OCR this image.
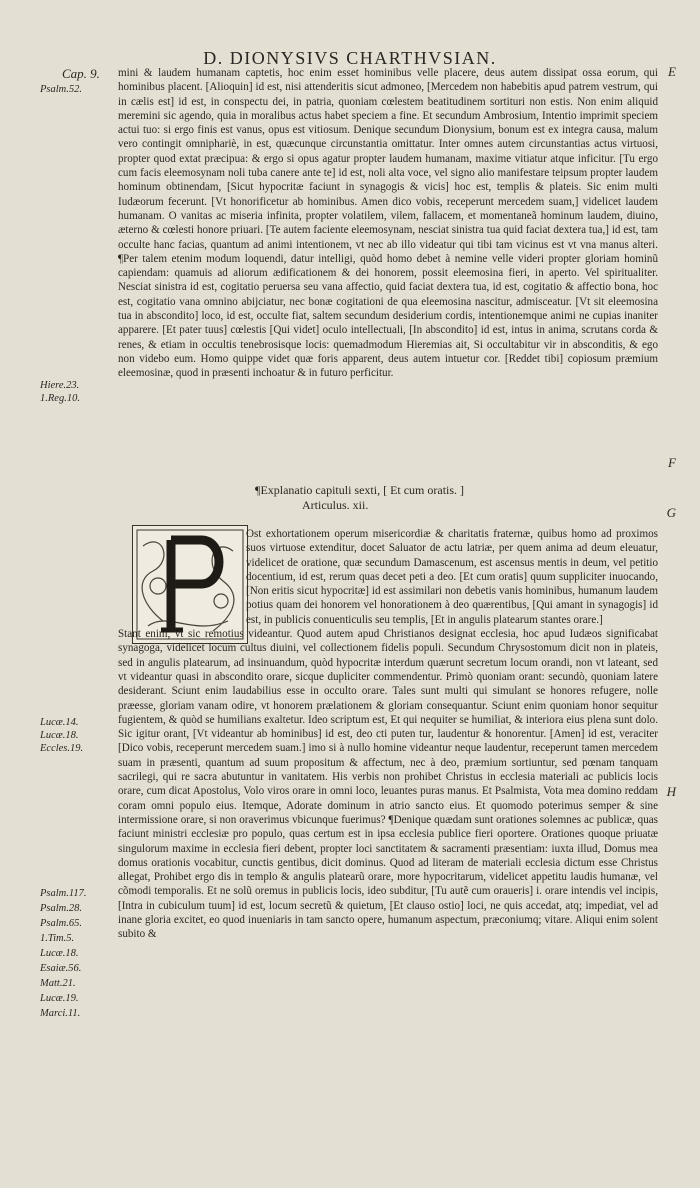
D. DIONYSIVS CHARTHVSIAN.
Cap. 9.	E
F
G
H
Psalm.52.
Hiere.23.
1.Reg.10.
Lucæ.14.
Lucæ.18.
Eccles.19.
Psalm.117.
Psalm.28.
Psalm.65.
1.Tim.5.
Lucæ.18.
Esaiæ.56.
Matt.21.
Lucæ.19.
Marci.11.
mini & laudem humanam captetis, hoc enim esset hominibus velle placere, deus autem dissipat ossa eorum, qui hominibus placent. [Alioquin] id est, nisi attenderitis sicut admoneo, [Mercedem non habebitis apud patrem vestrum, qui in cælis est] id est, in conspectu dei, in patria, quoniam cœlestem beatitudinem sortituri non estis. Non enim aliquid meremini sic agendo, quia in moralibus actus habet speciem a fine. Et secundum Ambrosium, Intentio imprimit speciem actui tuo: si ergo finis est vanus, opus est vitiosum. Denique secundum Dionysium, bonum est ex integra causa, malum vero contingit omniphariè, in est, quæcunque circunstantia omittatur. Inter omnes autem circunstantias actus virtuosi, propter quod extat præcipua: & ergo si opus agatur propter laudem humanam, maxime vitiatur atque inficitur. [Tu ergo cum facis eleemosynam noli tuba canere ante te] id est, noli alta voce, vel signo alio manifestare teipsum propter laudem hominum obtinendam, [Sicut hypocritæ faciunt in synagogis & vicis] hoc est, templis & plateis. Sic enim multi Iudæorum fecerunt. [Vt honorificetur ab hominibus. Amen dico vobis, receperunt mercedem suam,] videlicet laudem humanam. O vanitas ac miseria infinita, propter volatilem, vilem, fallacem, et momentaneã hominum laudem, diuino, æterno & cœlesti honore priuari. [Te autem faciente eleemosynam, nesciat sinistra tua quid faciat dextera tua,] id est, tam occulte hanc facias, quantum ad animi intentionem, vt nec ab illo videatur qui tibi tam vicinus est vt vna manus alteri. ¶Per talem etenim modum loquendi, datur intelligi, quòd homo debet à nemine velle videri propter gloriam hominũ capiendam: quamuis ad aliorum ædificationem & dei honorem, possit eleemosina fieri, in aperto. Vel spiritualiter. Nesciat sinistra id est, cogitatio peruersa seu vana affectio, quid faciat dextera tua, id est, cogitatio & affectio bona, hoc est, cogitatio vana omnino abijciatur, nec bonæ cogitationi de qua eleemosina nascitur, admisceatur. [Vt sit eleemosina tua in abscondito] loco, id est, occulte fiat, saltem secundum desiderium cordis, intentionemque animi ne cupias inaniter apparere. [Et pater tuus] cœlestis [Qui videt] oculo intellectuali, [In abscondito] id est, intus in anima, scrutans corda & renes, & etiam in occultis tenebrosisque locis: quemadmodum Hieremias ait, Si occultabitur vir in absconditis, & ego non videbo eum. Homo quippe videt quæ foris apparent, deus autem intuetur cor. [Reddet tibi] copiosum præmium eleemosinæ, quod in præsenti inchoatur & in futuro perficitur.
¶Explanatio capituli sexti, [ Et cum oratis. ]
Articulus. xii.
Ost exhortationem operum misericordiæ & charitatis fraternæ, quibus homo ad proximos suos virtuose extenditur, docet Saluator de actu latriæ, per quem anima ad deum eleuatur, videlicet de oratione, quæ secundum Damascenum, est ascensus mentis in deum, vel petitio docentium, id est, rerum quas decet peti a deo. [Et cum oratis] quum suppliciter inuocando, [Non eritis sicut hypocritæ] id est assimilari non debetis vanis hominibus, humanum laudem potius quam dei honorem vel honorationem à deo quærentibus, [Qui amant in synagogis] id est, in publicis conuenticulis seu templis, [Et in angulis platearum stantes orare.]
Stant enim, vt sic remotius videantur. Quod autem apud Christianos designat ecclesia, hoc apud Iudæos significabat synagoga, videlicet locum cultus diuini, vel collectionem fidelis populi. Secundum Chrysostomum dicit non in plateis, sed in angulis platearum, ad insinuandum, quòd hypocritæ interdum quærunt secretum locum orandi, non vt lateant, sed vt videantur quasi in abscondito orare, sicque dupliciter commendentur. Primò quoniam orant: secundò, quoniam latere desiderant. Sciunt enim laudabilius esse in occulto orare. Tales sunt multi qui simulant se honores refugere, nolle præesse, gloriam vanam odire, vt honorem prælationem & gloriam consequantur. Sciunt enim quoniam honor sequitur fugientem, & quòd se humilians exaltetur. Ideo scriptum est, Et qui nequiter se humiliat, & interiora eius plena sunt dolo. Sic igitur orant, [Vt videantur ab hominibus] id est, deo cti puten tur, laudentur & honorentur. [Amen] id est, veraciter [Dico vobis, receperunt mercedem suam.] imo si à nullo homine videantur neque laudentur, receperunt tamen mercedem suam in præsenti, quantum ad suum propositum & affectum, nec à deo, præmium sortiuntur, sed pœnam tanquam sacrilegi, qui re sacra abutuntur in vanitatem. His verbis non prohibet Christus in ecclesia materiali ac publicis locis orare, cum dicat Apostolus, Volo viros orare in omni loco, leuantes puras manus. Et Psalmista, Vota mea domino reddam coram omni populo eius. Itemque, Adorate dominum in atrio sancto eius. Et quomodo poterimus semper & sine intermissione orare, si non oraverimus vbicunque fuerimus? ¶Denique quædam sunt orationes solemnes ac publicæ, quas faciunt ministri ecclesiæ pro populo, quas certum est in ipsa ecclesia publice fieri oportere. Orationes quoque priuatæ singulorum maxime in ecclesia fieri debent, propter loci sanctitatem & sacramenti præsentiam: iuxta illud, Domus mea domus orationis vocabitur, cunctis gentibus, dicit dominus. Quod ad literam de materiali ecclesia dictum esse Christus allegat, Prohibet ergo dis in templo & angulis platearũ orare, more hypocritarum, videlicet appetitu laudis humanæ, vel cõmodi temporalis. Et ne solũ oremus in publicis locis, ideo subditur, [Tu autẽ cum oraueris] i. orare intendis vel incipis, [Intra in cubiculum tuum] id est, locum secretũ & quietum, [Et clauso ostio] loci, ne quis accedat, atq; impediat, vel ad inane gloria excitet, eo quod inueniaris in tam sancto opere, humanum aspectum, præconiumq; vitare. Aliqui enim solent subito &
